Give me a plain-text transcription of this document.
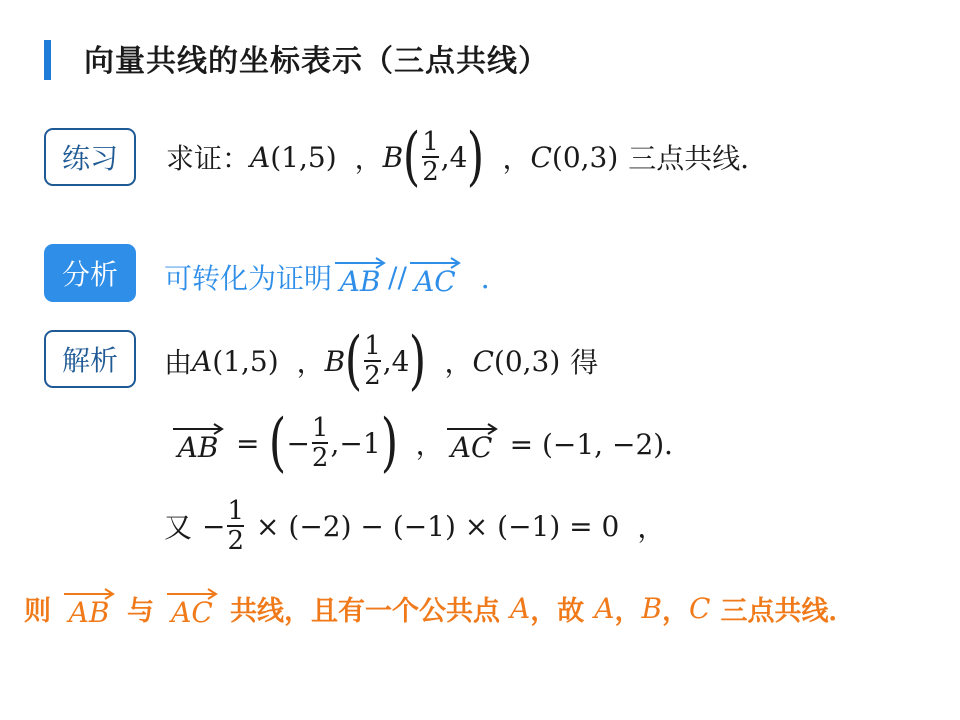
向量共线的坐标表示（三点共线）
练习	求证： A (1,5) ， B ( $\frac{1}{2} ,4$ ) ， C (0,3) 三点共线．
分析	可转化为证明 AB // AC ．
解析	由 A (1,5) ， B ( $\frac{1}{2} ,4$ ) ， C (0,3) 得
AB = ( − $\frac{1}{2} ,-1$ ) ， AC = (−1, −2)．
又 − $\frac{1}{2} \times (-2) - (-1) \times (-1) = 0$ ，
则 AB 与 AC 共线，且有一个公共点 A ，故 A ， B ， C 三点共线．
